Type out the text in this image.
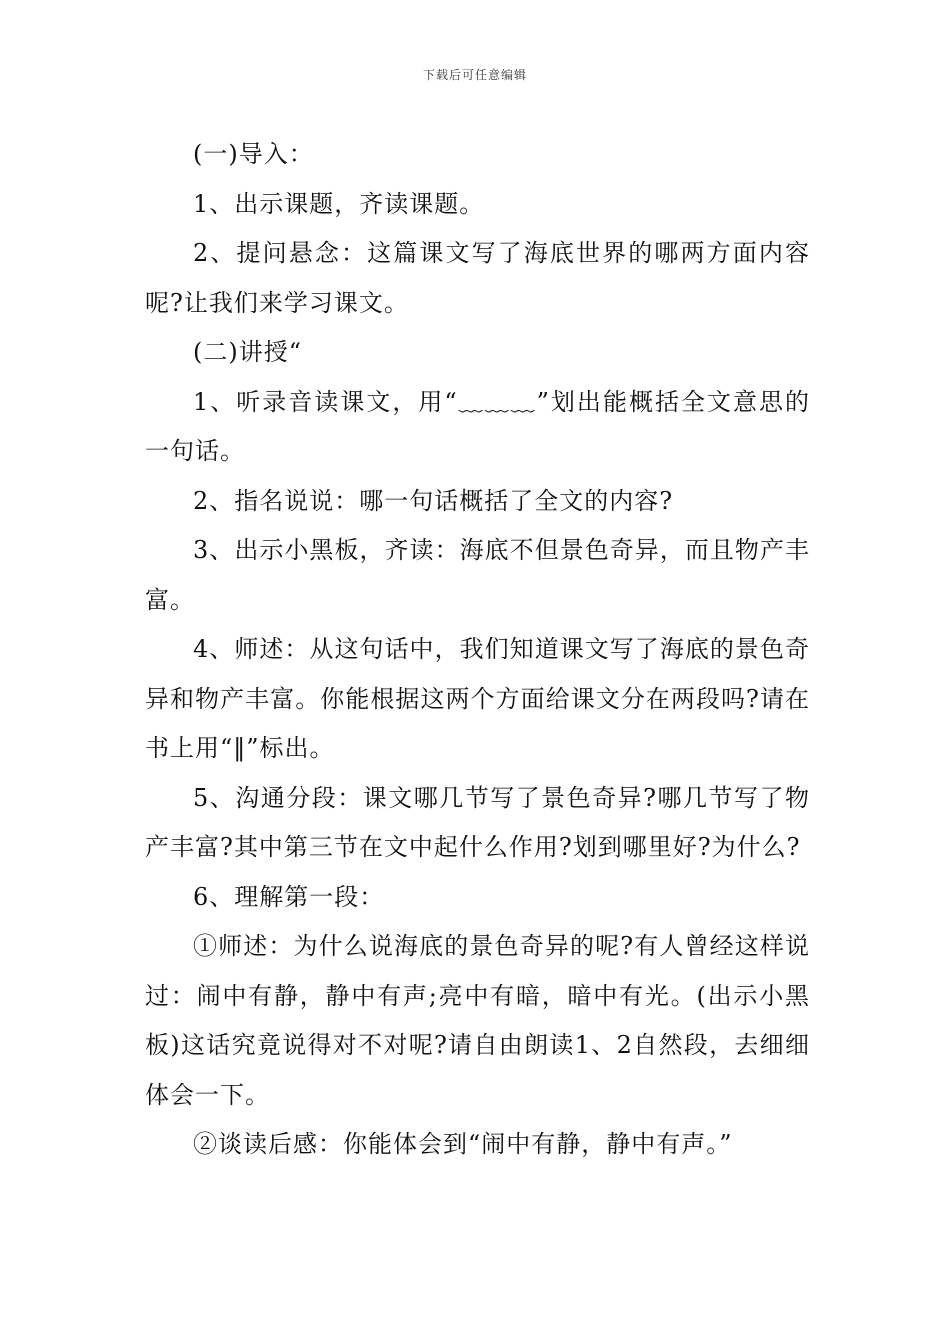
下载后可任意编辑

(一)导入：

1、出示课题，齐读课题。

2、提问悬念：这篇课文写了海底世界的哪两方面内容呢?让我们来学习课文。

(二)讲授“

1、听录音读课文，用“﹏﹏﹏”划出能概括全文意思的一句话。

2、指名说说：哪一句话概括了全文的内容?

3、出示小黑板，齐读：海底不但景色奇异，而且物产丰富。

4、师述：从这句话中，我们知道课文写了海底的景色奇异和物产丰富。你能根据这两个方面给课文分在两段吗?请在书上用“‖”标出。

5、沟通分段：课文哪几节写了景色奇异?哪几节写了物产丰富?其中第三节在文中起什么作用?划到哪里好?为什么?

6、理解第一段：

①师述：为什么说海底的景色奇异的呢?有人曾经这样说过：闹中有静，静中有声;亮中有暗，暗中有光。(出示小黑板)这话究竟说得对不对呢?请自由朗读1、2自然段，去细细体会一下。

②谈读后感：你能体会到“闹中有静，静中有声。”
